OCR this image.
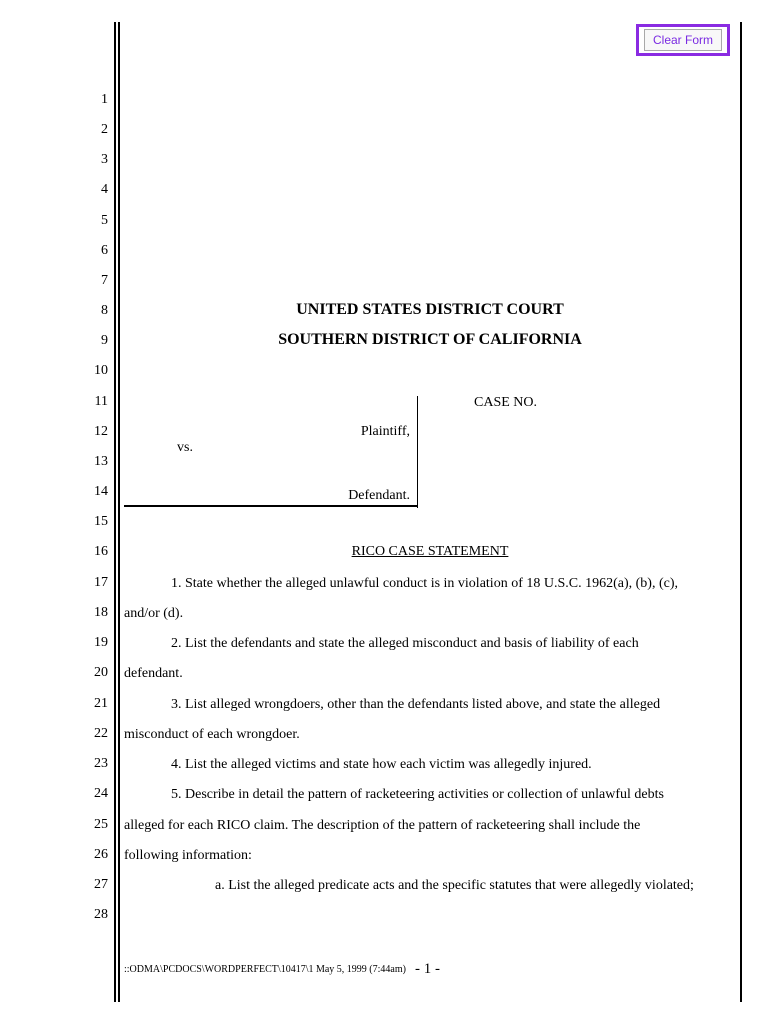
Clear Form
1
2
3
4
5
6
7
8
9
10
11
12
13
14
15
16
17
18
19
20
21
22
23
24
25
26
27
28
UNITED STATES DISTRICT COURT
SOUTHERN DISTRICT OF CALIFORNIA
Plaintiff,
vs.
Defendant.
CASE NO.
RICO CASE STATEMENT
1. State whether the alleged unlawful conduct is in violation of 18 U.S.C. 1962(a), (b), (c),
and/or (d).
2. List the defendants and state the alleged misconduct and basis of liability of each
defendant.
3. List alleged wrongdoers, other than the defendants listed above, and state the alleged
misconduct of each wrongdoer.
4. List the alleged victims and state how each victim was allegedly injured.
5. Describe in detail the pattern of racketeering activities or collection of unlawful debts
alleged for each RICO claim. The description of the pattern of racketeering shall include the
following information:
a. List the alleged predicate acts and the specific statutes that were allegedly violated;
::ODMA\PCDOCS\WORDPERFECT\10417\1 May 5, 1999 (7:44am) - 1 -
